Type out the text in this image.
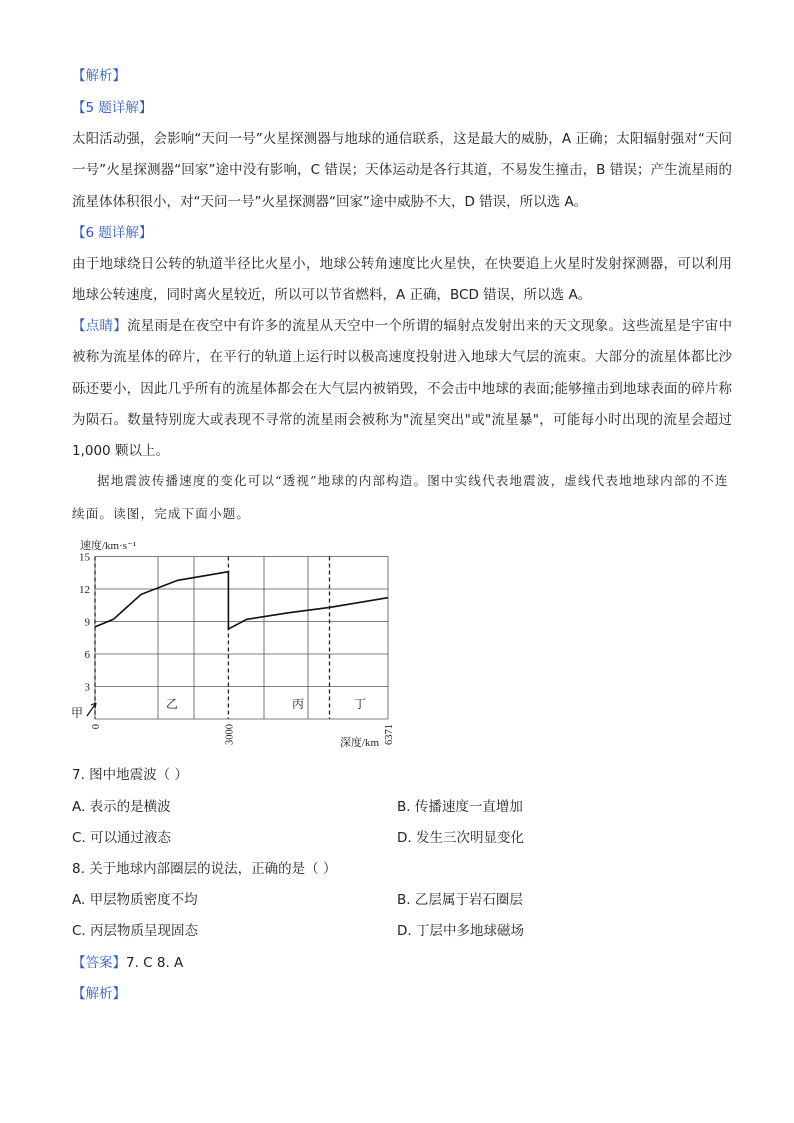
【解析】
【5 题详解】
太阳活动强，会影响“天问一号”火星探测器与地球的通信联系，这是最大的威胁，A 正确；太阳辐射强对“天问一号”火星探测器“回家”途中没有影响，C 错误；天体运动是各行其道，不易发生撞击，B 错误；产生流星雨的流星体体积很小，对“天问一号”火星探测器“回家”途中威胁不大，D 错误，所以选 A。
【6 题详解】
由于地球绕日公转的轨道半径比火星小，地球公转角速度比火星快，在快要追上火星时发射探测器，可以利用地球公转速度，同时离火星较近，所以可以节省燃料，A 正确，BCD 错误，所以选 A。
【点睛】流星雨是在夜空中有许多的流星从天空中一个所谓的辐射点发射出来的天文现象。这些流星是宇宙中被称为流星体的碎片，在平行的轨道上运行时以极高速度投射进入地球大气层的流束。大部分的流星体都比沙砾还要小，因此几乎所有的流星体都会在大气层内被销毁，不会击中地球的表面;能够撞击到地球表面的碎片称为陨石。数量特别庞大或表现不寻常的流星雨会被称为"流星突出"或"流星暴"，可能每小时出现的流星会超过 1,000 颗以上。
据地震波传播速度的变化可以“透视”地球的内部构造。图中实线代表地震波，虚线代表地地球内部的不连续面。读图，完成下面小题。
15
12
9
6
3
0	3000	6371
速度/km·s⁻¹
深度/km
甲
乙	丙	丁
7. 图中地震波（ ）
A. 表示的是横波	B. 传播速度一直增加
C. 可以通过液态	D. 发生三次明显变化
8. 关于地球内部圈层的说法，正确的是（ ）
A. 甲层物质密度不均	B. 乙层属于岩石圈层
C. 丙层物质呈现固态	D. 丁层中多地球磁场
【答案】7. C 8. A
【解析】
